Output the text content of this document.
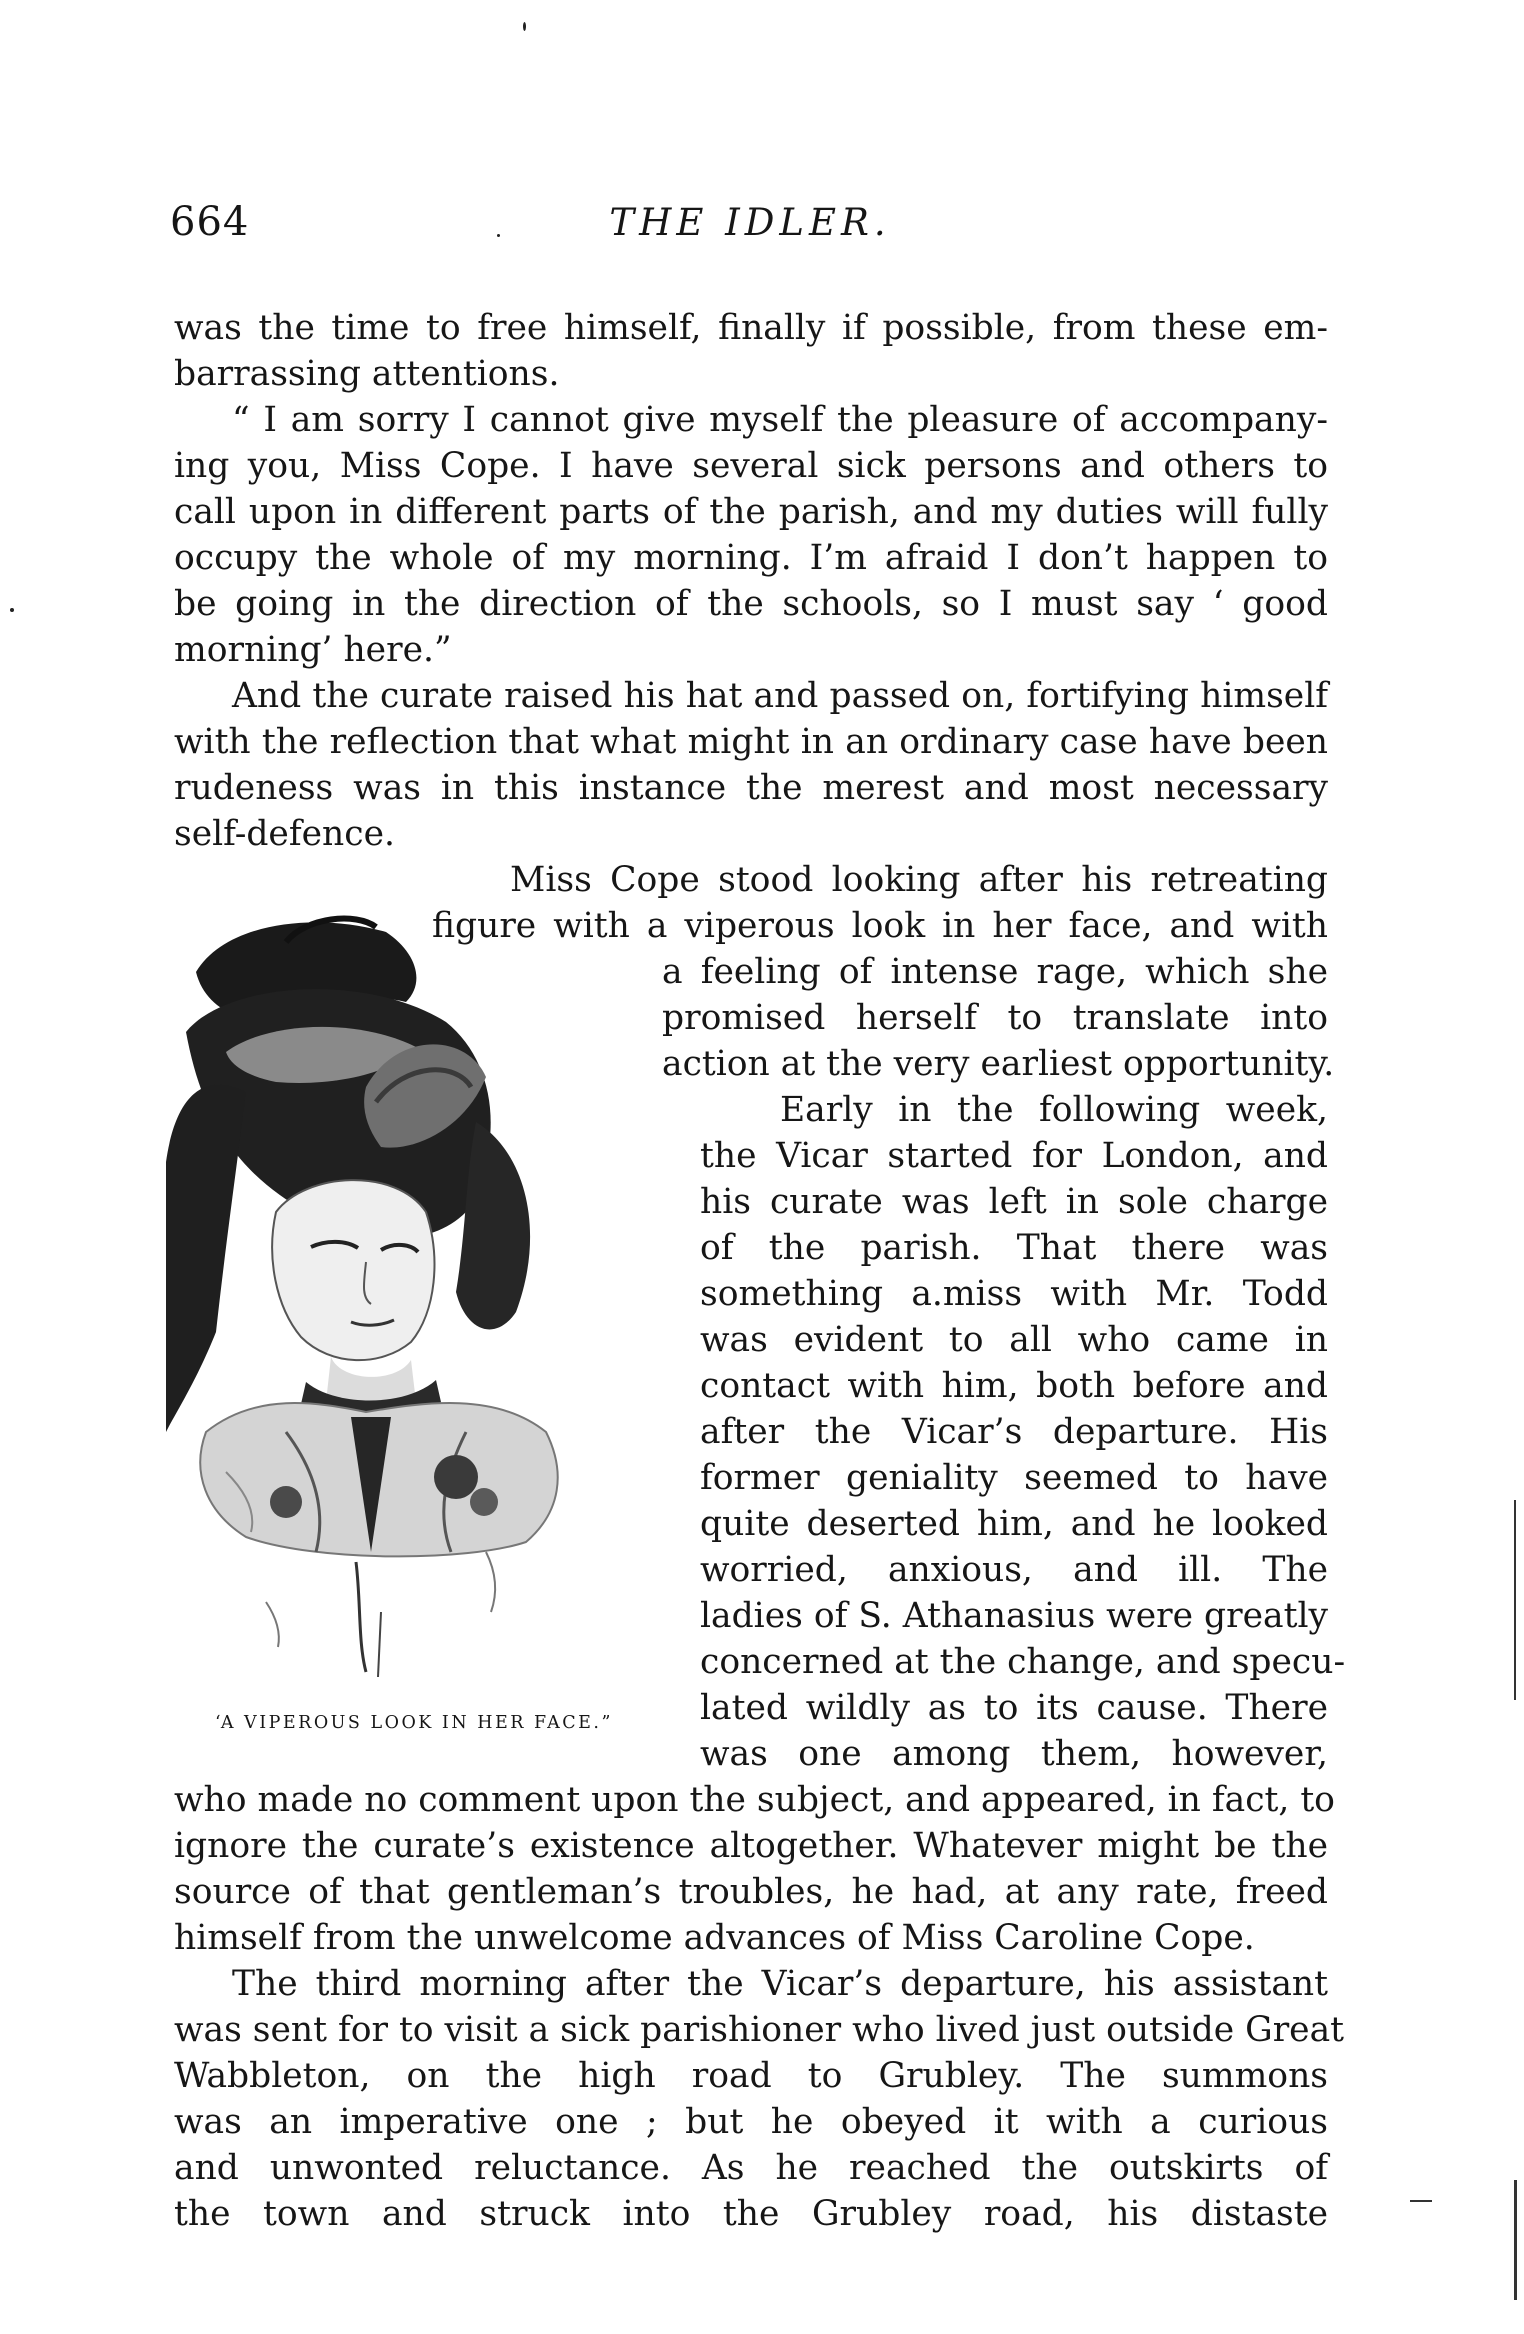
664	THE IDLER.
was the time to free himself, finally if possible, from these em-
barrassing attentions.
“ I am sorry I cannot give myself the pleasure of accompany-
ing you, Miss Cope. I have several sick persons and others to
call upon in different parts of the parish, and my duties will fully
occupy the whole of my morning. I’m afraid I don’t happen to
be going in the direction of the schools, so I must say ‘ good
morning’ here.”
And the curate raised his hat and passed on, fortifying himself
with the reflection that what might in an ordinary case have been
rudeness was in this instance the merest and most necessary
self-defence.
Miss Cope stood looking after his retreating
figure with a viperous look in her face, and with
a feeling of intense rage, which she
promised herself to translate into
action at the very earliest opportunity.
Early in the following week,
the Vicar started for London, and
his curate was left in sole charge
of the parish. That there was
something a.miss with Mr. Todd
was evident to all who came in
contact with him, both before and
after the Vicar’s departure. His
former geniality seemed to have
quite deserted him, and he looked
worried, anxious, and ill. The
ladies of S. Athanasius were greatly
concerned at the change, and specu-
lated wildly as to its cause. There
was one among them, however,
who made no comment upon the subject, and appeared, in fact, to
ignore the curate’s existence altogether. Whatever might be the
source of that gentleman’s troubles, he had, at any rate, freed
himself from the unwelcome advances of Miss Caroline Cope.
The third morning after the Vicar’s departure, his assistant
was sent for to visit a sick parishioner who lived just outside Great
Wabbleton, on the high road to Grubley. The summons
was an imperative one ; but he obeyed it with a curious
and unwonted reluctance. As he reached the outskirts of
the town and struck into the Grubley road, his distaste
‘A VIPEROUS LOOK IN HER FACE.”
